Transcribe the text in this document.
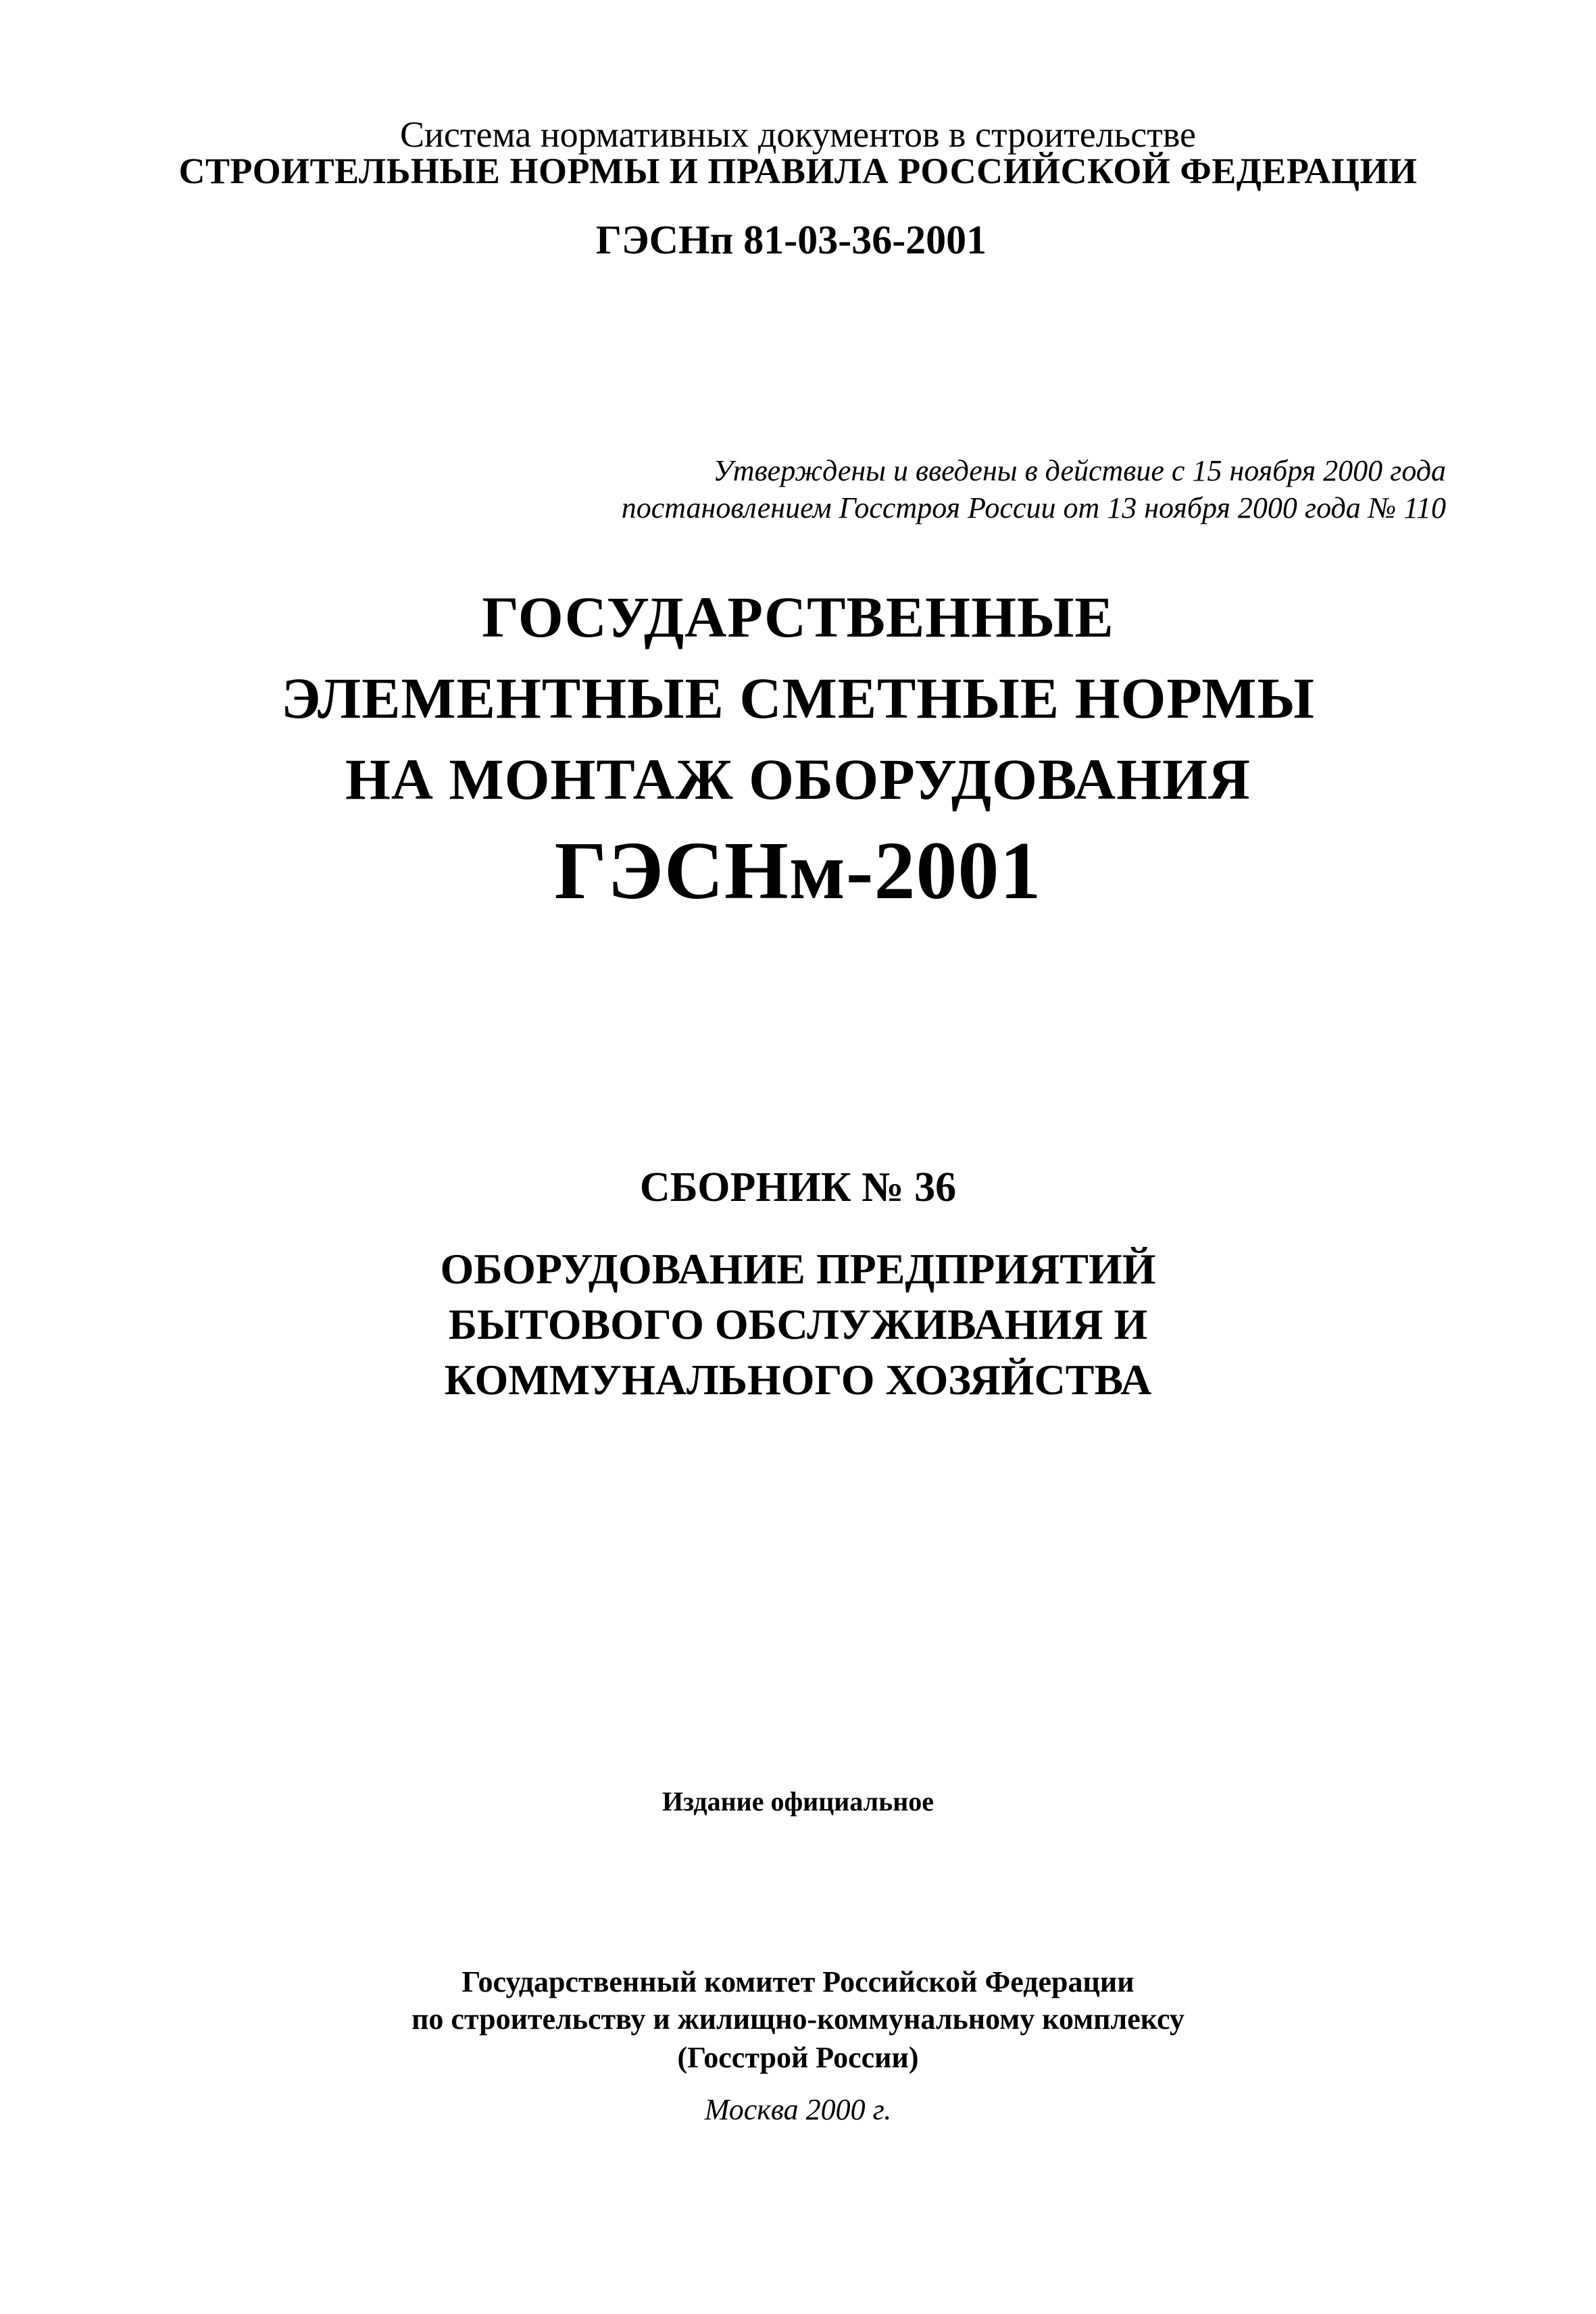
Система нормативных документов в строительстве
СТРОИТЕЛЬНЫЕ НОРМЫ И ПРАВИЛА РОССИЙСКОЙ ФЕДЕРАЦИИ
ГЭСНп 81-03-36-2001
Утверждены и введены в действие с 15 ноября 2000 года
постановлением Госстроя России от 13 ноября 2000 года № 110
ГОСУДАРСТВЕННЫЕ
ЭЛЕМЕНТНЫЕ СМЕТНЫЕ НОРМЫ
НА МОНТАЖ ОБОРУДОВАНИЯ
ГЭСНм-2001
СБОРНИК № 36
ОБОРУДОВАНИЕ ПРЕДПРИЯТИЙ
БЫТОВОГО ОБСЛУЖИВАНИЯ И
КОММУНАЛЬНОГО ХОЗЯЙСТВА
Издание официальное
Государственный комитет Российской Федерации
по строительству и жилищно-коммунальному комплексу
(Госстрой России)
Москва 2000 г.
